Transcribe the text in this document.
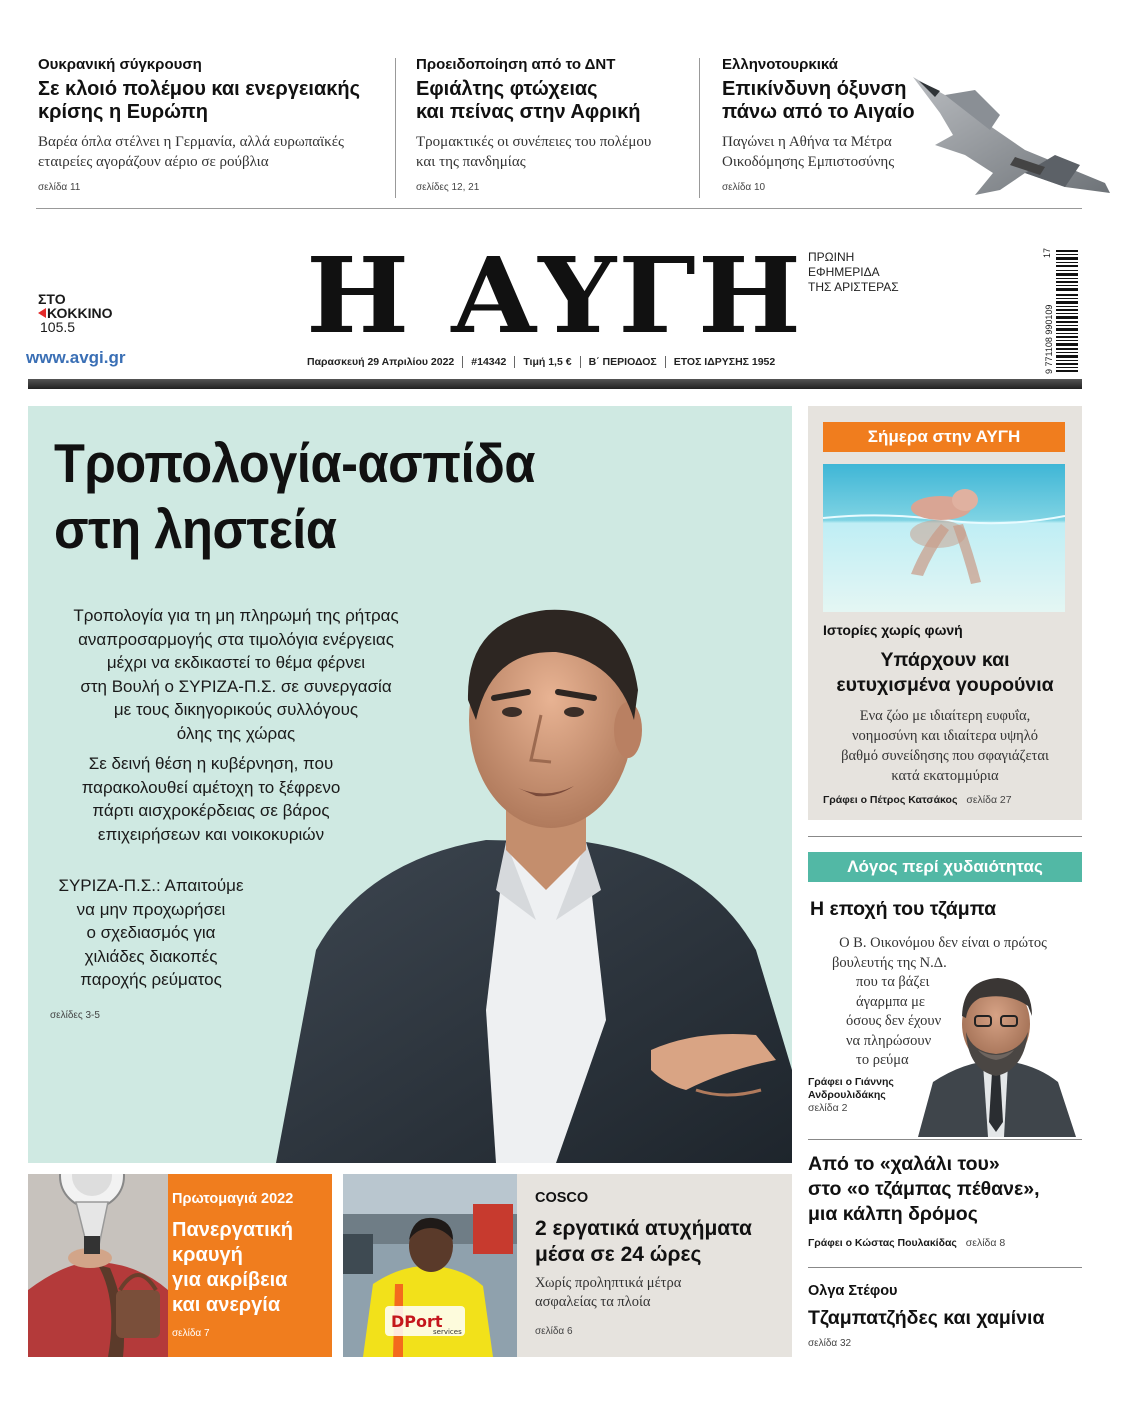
Ουκρανική σύγκρουση
Σε κλοιό πολέμου και ενεργειακής
κρίσης η Ευρώπη
Βαρέα όπλα στέλνει η Γερμανία, αλλά ευρωπαϊκές
εταιρείες αγοράζουν αέριο σε ρούβλια
σελίδα 11
Προειδοποίηση από το ΔΝΤ
Εφιάλτης φτώχειας
και πείνας στην Αφρική
Τρομακτικές οι συνέπειες του πολέμου
και της πανδημίας
σελίδες 12, 21
Ελληνοτουρκικά
Επικίνδυνη όξυνση
πάνω από το Αιγαίο
Παγώνει η Αθήνα τα Μέτρα
Οικοδόμησης Εμπιστοσύνης
σελίδα 10
ΣΤΟ
ΚΟΚΚΙΝΟ
105.5
www.avgi.gr
Η ΑΥΓΗ ΠΡΩΙΝΗ
ΕΦΗΜΕΡΙΔΑ
ΤΗΣ ΑΡΙΣΤΕΡΑΣ
Παρασκευή 29 Απριλίου 2022	#14342	Τιμή 1,5 €	Β΄ ΠΕΡΙΟΔΟΣ	ΕΤΟΣ ΙΔΡΥΣΗΣ 1952
17
9 771108 990109
Τροπολογία-ασπίδα
στη ληστεία
Τροπολογία για τη μη πληρωμή της ρήτρας
αναπροσαρμογής στα τιμολόγια ενέργειας
μέχρι να εκδικαστεί το θέμα φέρνει
στη Βουλή ο ΣΥΡΙΖΑ-Π.Σ. σε συνεργασία
με τους δικηγορικούς συλλόγους
όλης της χώρας
Σε δεινή θέση η κυβέρνηση, που
παρακολουθεί αμέτοχη το ξέφρενο
πάρτι αισχροκέρδειας σε βάρος
επιχειρήσεων και νοικοκυριών
ΣΥΡΙΖΑ-Π.Σ.: Απαιτούμε
να μην προχωρήσει
ο σχεδιασμός για
χιλιάδες διακοπές
παροχής ρεύματος
σελίδες 3-5
Σήμερα στην ΑΥΓΗ
Ιστορίες χωρίς φωνή
Υπάρχουν και
ευτυχισμένα γουρούνια
Ενα ζώο με ιδιαίτερη ευφυΐα,
νοημοσύνη και ιδιαίτερα υψηλό
βαθμό συνείδησης που σφαγιάζεται
κατά εκατομμύρια
Γράφει ο Πέτρος Κατσάκος σελίδα 27
Λόγος περί χυδαιότητας
Η εποχή του τζάμπα
Ο Β. Οικονόμου δεν είναι ο πρώτος
βουλευτής της Ν.Δ.
που τα βάζει
άγαρμπα με
όσους δεν έχουν
να πληρώσουν
το ρεύμα
Γράφει ο Γιάννης
Ανδρουλιδάκης
σελίδα 2
Από το «χαλάλι του»
στο «ο τζάμπας πέθανε»,
μια κάλπη δρόμος
Γράφει ο Κώστας Πουλακίδας σελίδα 8
Ολγα Στέφου
Τζαμπατζήδες και χαμίνια
σελίδα 32
Πρωτομαγιά 2022
Πανεργατική
κραυγή
για ακρίβεια
και ανεργία
σελίδα 7
DPort
services
COSCO
2 εργατικά ατυχήματα
μέσα σε 24 ώρες
Χωρίς προληπτικά μέτρα
ασφαλείας τα πλοία
σελίδα 6
